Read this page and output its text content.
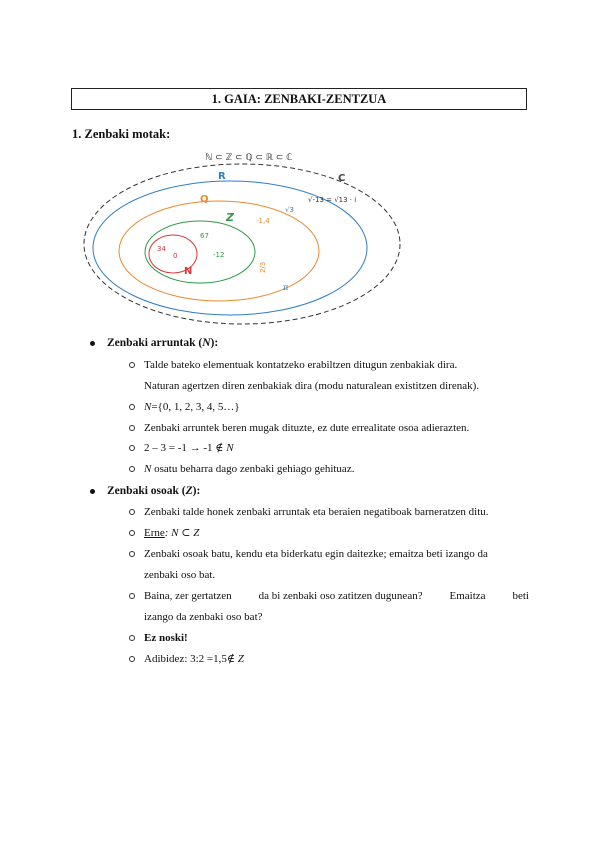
1. GAIA: ZENBAKI-ZENTZUA
1. Zenbaki motak:
ℕ ⊂ ℤ ⊂ ℚ ⊂ ℝ ⊂ ℂ
C
R
Q
Z
N
√-13 = √13 · i
√3
π
-1,4
2/3
67
-12
34
0
Zenbaki arruntak (N):
Talde bateko elementuak kontatzeko erabiltzen ditugun zenbakiak dira.
Naturan agertzen diren zenbakiak dira (modu naturalean existitzen direnak).
N={0, 1, 2, 3, 4, 5…}
Zenbaki arruntek beren mugak dituzte, ez dute errealitate osoa adierazten.
2 – 3 = -1 → -1 ∉ N
N osatu beharra dago zenbaki gehiago gehituaz.
Zenbaki osoak (Z):
Zenbaki talde honek zenbaki arruntak eta beraien negatiboak barneratzen ditu.
Erne: N ⊂ Z
Zenbaki osoak batu, kendu eta biderkatu egin daitezke; emaitza beti izango da
zenbaki oso bat.
Baina, zer gertatzen da bi zenbaki oso zatitzen dugunean? Emaitza beti
izango da zenbaki oso bat?
Ez noski!
Adibidez: 3:2 =1,5∉ Z
